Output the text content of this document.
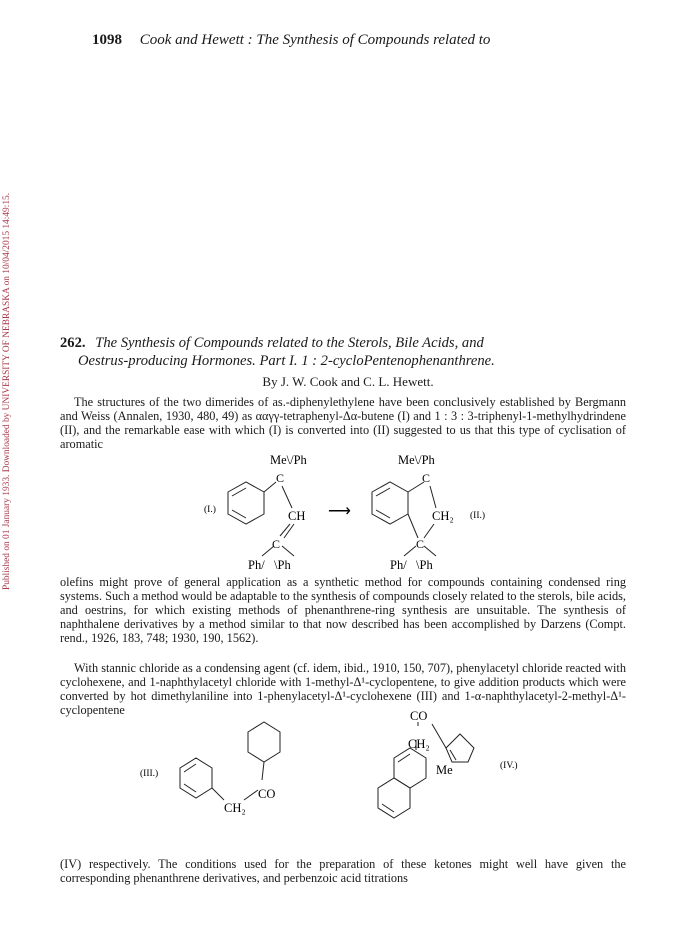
Published on 01 January 1933. Downloaded by UNIVERSITY OF NEBRASKA on 10/04/2015 14:49:15.
1098 Cook and Hewett : The Synthesis of Compounds related to
262. The Synthesis of Compounds related to the Sterols, Bile Acids, and
Oestrus-producing Hormones. Part I. 1 : 2-cycloPentenophenanthrene.
By J. W. Cook and C. L. Hewett.

The structures of the two dimerides of as.-diphenylethylene have been conclusively established by Bergmann and Weiss (Annalen, 1930, 480, 49) as ααγγ-tetraphenyl-Δα-butene (I) and 1 : 3 : 3-triphenyl-1-methylhydrindene (II), and the remarkable ease with which (I) is converted into (II) suggested to us that this type of cyclisation of aromatic

Me\/Ph
C
CH
C
Ph/   \Ph
(I.)	⟶
Me\/Ph
C
CH₂
C
Ph/   \Ph
(II.)

olefins might prove of general application as a synthetic method for compounds containing condensed ring systems. Such a method would be adaptable to the synthesis of compounds closely related to the sterols, bile acids, and oestrins, for which existing methods of phenanthrene-ring synthesis are unsuitable. The synthesis of naphthalene derivatives by a method similar to that now described has been accomplished by Darzens (Compt. rend., 1926, 183, 748; 1930, 190, 1562).

With stannic chloride as a condensing agent (cf. idem, ibid., 1910, 150, 707), phenylacetyl chloride reacted with cyclohexene, and 1-naphthylacetyl chloride with 1-methyl-Δ¹-cyclopentene, to give addition products which were converted by hot dimethylaniline into 1-phenylacetyl-Δ¹-cyclohexene (III) and 1-α-naphthylacetyl-2-methyl-Δ¹-cyclopentene

(III.)
CH₂
CO
CO
CH₂
Me	(IV.)

(IV) respectively. The conditions used for the preparation of these ketones might well have given the corresponding phenanthrene derivatives, and perbenzoic acid titrations
